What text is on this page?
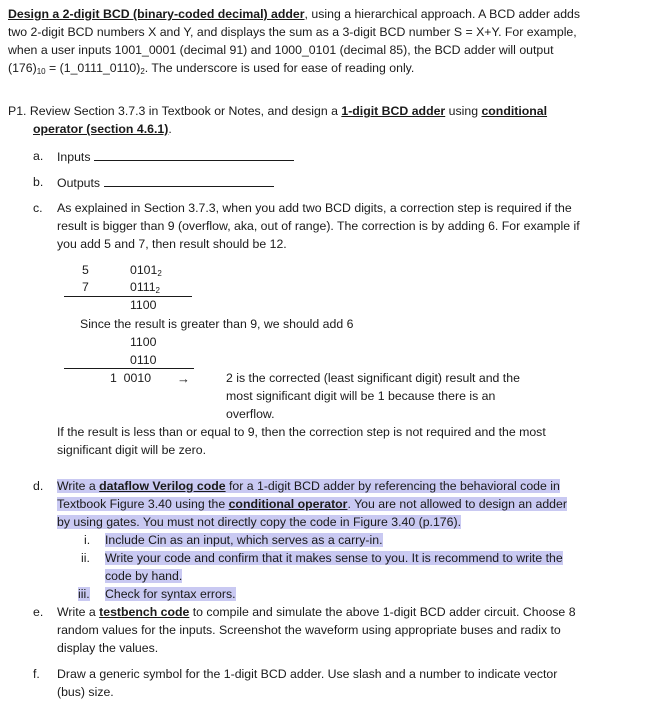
Design a 2-digit BCD (binary-coded decimal) adder, using a hierarchical approach. A BCD adder adds
two 2-digit BCD numbers X and Y, and displays the sum as a 3-digit BCD number S = X+Y. For example,
when a user inputs 1001_0001 (decimal 91) and 1000_0101 (decimal 85), the BCD adder will output
$(176)_{10}$ = $(1\_0111\_0110)_2$. The underscore is used for ease of reading only.
P1. Review Section 3.7.3 in Textbook or Notes, and design a 1-digit BCD adder using conditional
operator (section 4.6.1).
a. Inputs
b. Outputs
c. As explained in Section 3.7.3, when you add two BCD digits, a correction step is required if the
result is bigger than 9 (overflow, aka, out of range). The correction is by adding 6. For example if
you add 5 and 7, then result should be 12.
5	$0101_2$
7	$0111_2$
1100
Since the result is greater than 9, we should add 6
1100
0110
1  0010 →	2 is the corrected (least significant digit) result and the
most significant digit will be 1 because there is an
overflow.
If the result is less than or equal to 9, then the correction step is not required and the most
significant digit will be zero.
d. Write a dataflow Verilog code for a 1-digit BCD adder by referencing the behavioral code in
Textbook Figure 3.40 using the conditional operator. You are not allowed to design an adder
by using gates. You must not directly copy the code in Figure 3.40 (p.176).
i. Include Cin as an input, which serves as a carry-in.
ii. Write your code and confirm that it makes sense to you. It is recommend to write the
code by hand.
iii. Check for syntax errors.
e. Write a testbench code to compile and simulate the above 1-digit BCD adder circuit. Choose 8
random values for the inputs. Screenshot the waveform using appropriate buses and radix to
display the values.
f. Draw a generic symbol for the 1-digit BCD adder. Use slash and a number to indicate vector
(bus) size.
